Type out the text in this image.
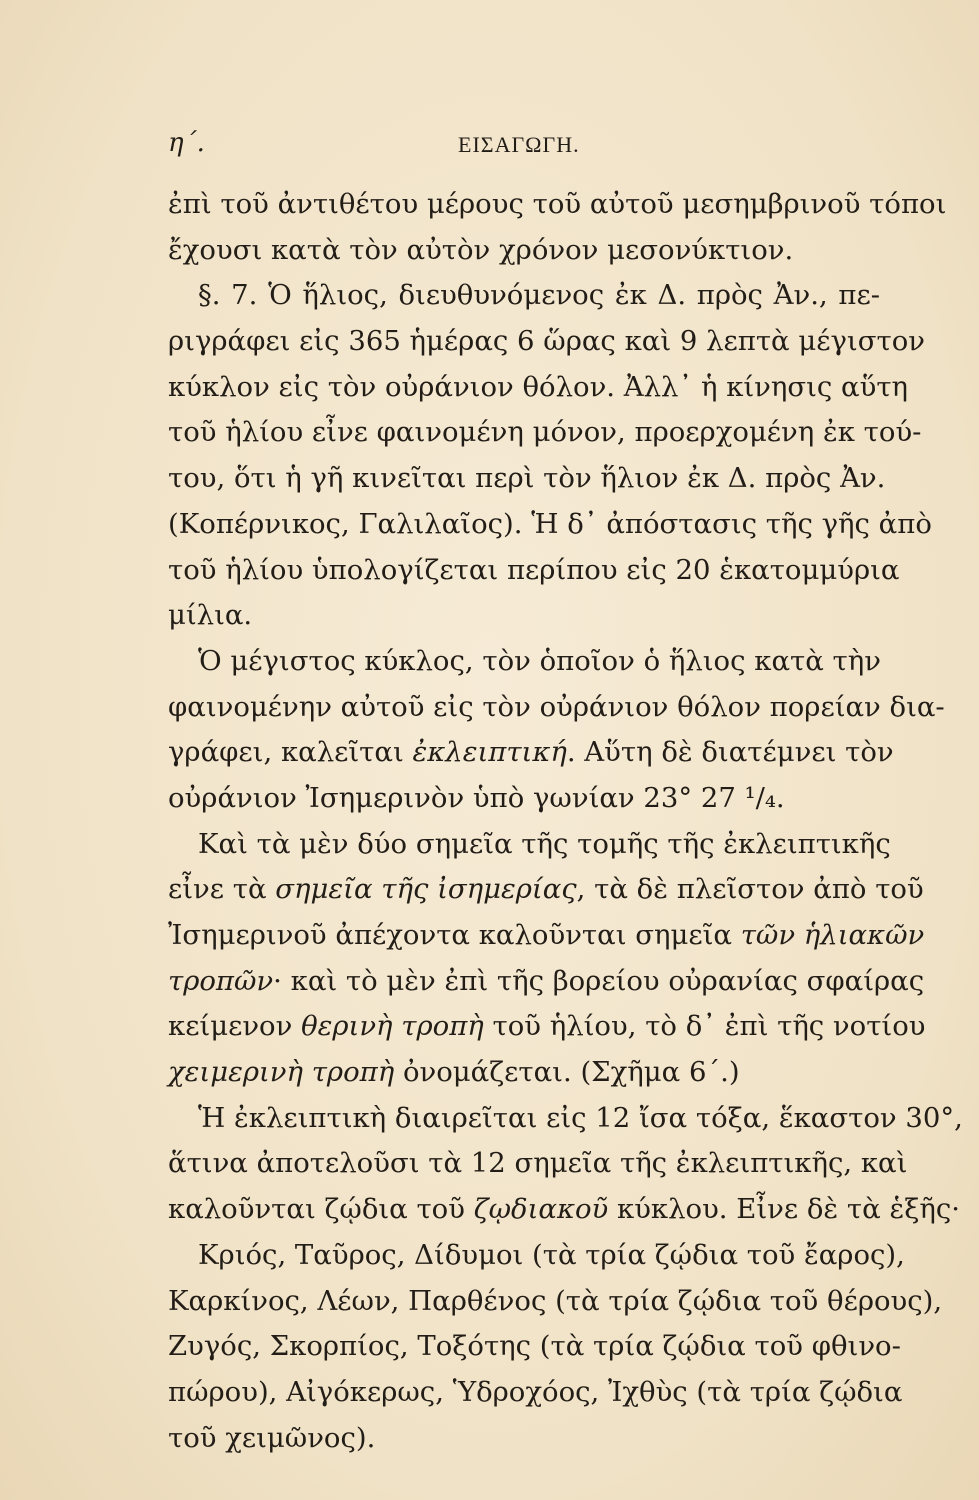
η΄.	ΕΙΣΑΓΩΓΗ.
ἐπὶ τοῦ ἀντιθέτου μέρους τοῦ αὐτοῦ μεσημβρινοῦ τόποι
ἔχουσι κατὰ τὸν αὐτὸν χρόνον μεσονύκτιον.
§. 7. Ὁ ἥλιος, διευθυνόμενος ἐκ Δ. πρὸς Ἀν., πε-
ριγράφει εἰς 365 ἡμέρας 6 ὥρας καὶ 9 λεπτὰ μέγιστον
κύκλον εἰς τὸν οὐράνιον θόλον. Ἀλλ᾽ ἡ κίνησις αὕτη
τοῦ ἡλίου εἶνε φαινομένη μόνον, προερχομένη ἐκ τού-
του, ὅτι ἡ γῆ κινεῖται περὶ τὸν ἥλιον ἐκ Δ. πρὸς Ἀν.
(Κοπέρνικος, Γαλιλαῖος). Ἡ δ᾽ ἀπόστασις τῆς γῆς ἀπὸ
τοῦ ἡλίου ὑπολογίζεται περίπου εἰς 20 ἑκατομμύρια
μίλια.
Ὁ μέγιστος κύκλος, τὸν ὁποῖον ὁ ἥλιος κατὰ τὴν
φαινομένην αὐτοῦ εἰς τὸν οὐράνιον θόλον πορείαν δια-
γράφει, καλεῖται ἐκλειπτική. Αὕτη δὲ διατέμνει τὸν
οὐράνιον Ἰσημερινὸν ὑπὸ γωνίαν 23° 27 ¹/₄.
Καὶ τὰ μὲν δύο σημεῖα τῆς τομῆς τῆς ἐκλειπτικῆς
εἶνε τὰ σημεῖα τῆς ἰσημερίας, τὰ δὲ πλεῖστον ἀπὸ τοῦ
Ἰσημερινοῦ ἀπέχοντα καλοῦνται σημεῖα τῶν ἡλιακῶν
τροπῶν· καὶ τὸ μὲν ἐπὶ τῆς βορείου οὐρανίας σφαίρας
κείμενον θερινὴ τροπὴ τοῦ ἡλίου, τὸ δ᾽ ἐπὶ τῆς νοτίου
χειμερινὴ τροπὴ ὀνομάζεται. (Σχῆμα 6΄.)
Ἡ ἐκλειπτικὴ διαιρεῖται εἰς 12 ἴσα τόξα, ἕκαστον 30°,
ἅτινα ἀποτελοῦσι τὰ 12 σημεῖα τῆς ἐκλειπτικῆς, καὶ
καλοῦνται ζῴδια τοῦ ζῳδιακοῦ κύκλου. Εἶνε δὲ τὰ ἑξῆς·
Κριός, Ταῦρος, Δίδυμοι (τὰ τρία ζῴδια τοῦ ἔαρος),
Καρκίνος, Λέων, Παρθένος (τὰ τρία ζῴδια τοῦ θέρους),
Ζυγός, Σκορπίος, Τοξότης (τὰ τρία ζῴδια τοῦ φθινο-
πώρου), Αἰγόκερως, Ὑδροχόος, Ἰχθὺς (τὰ τρία ζῴδια
τοῦ χειμῶνος).
